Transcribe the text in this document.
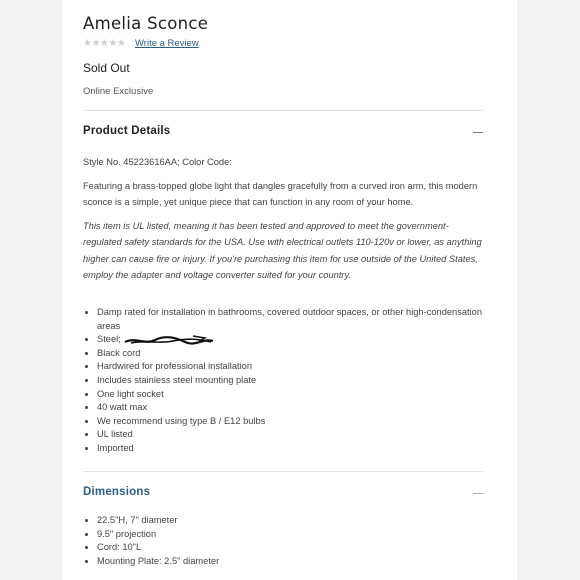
Amelia Sconce
★★★★★ Write a Review
Sold Out
Online Exclusive
Product Details
Style No. 45223616AA; Color Code:
Featuring a brass-topped globe light that dangles gracefully from a curved iron arm, this modern sconce is a simple, yet unique piece that can function in any room of your home.
This item is UL listed, meaning it has been tested and approved to meet the government-regulated safety standards for the USA. Use with electrical outlets 110-120v or lower, as anything higher can cause fire or injury. If you're purchasing this item for use outside of the United States, employ the adapter and voltage converter suited for your country.
• Damp rated for installation in bathrooms, covered outdoor spaces, or other high-condensation areas
• Steel;
• Black cord
• Hardwired for professional installation
• Includes stainless steel mounting plate
• One light socket
• 40 watt max
• We recommend using type B / E12 bulbs
• UL listed
• Imported
Dimensions
• 22.5"H, 7" diameter
• 9.5" projection
• Cord: 10"L
• Mounting Plate: 2.5" diameter
